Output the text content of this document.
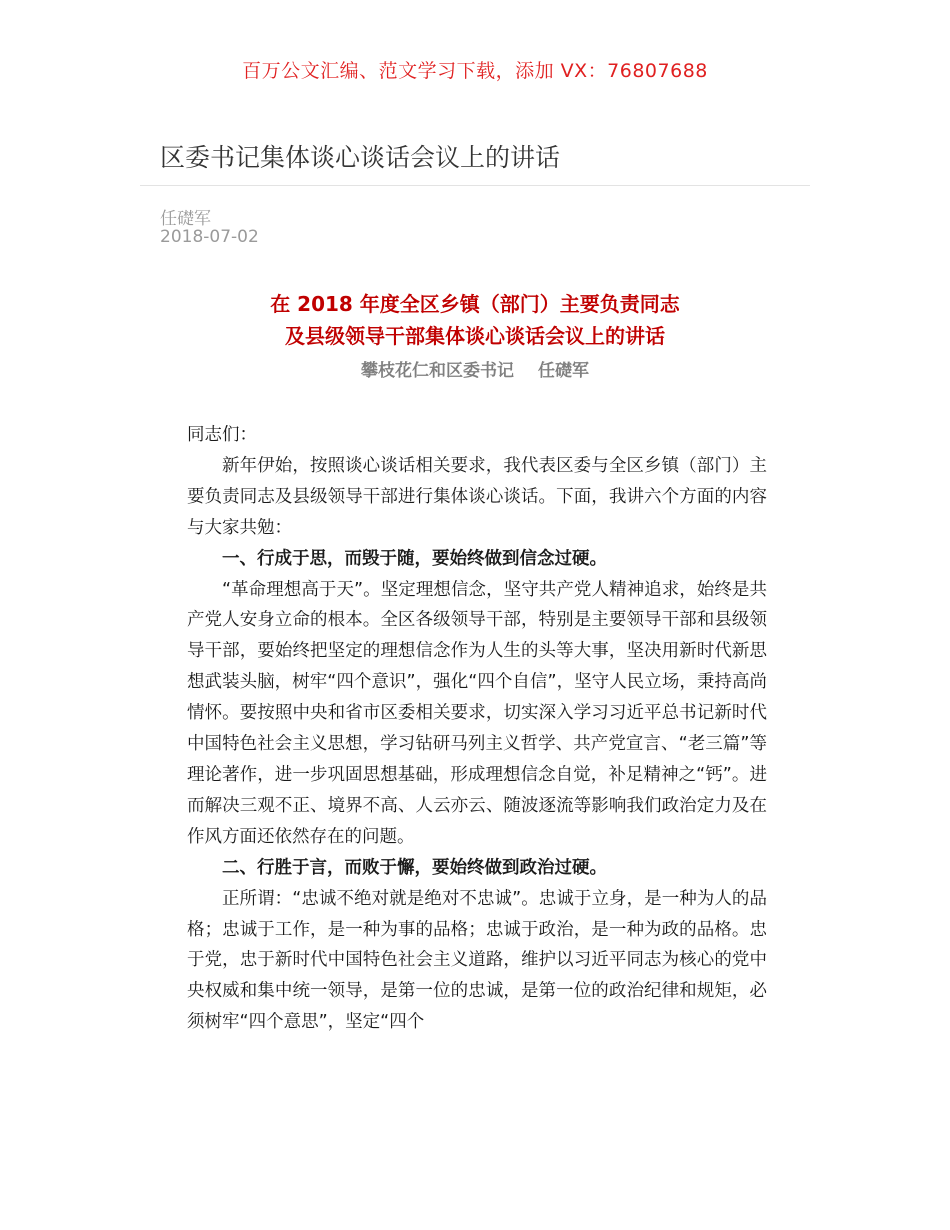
百万公文汇编、范文学习下载，添加 VX：76807688
区委书记集体谈心谈话会议上的讲话
任礎军
2018-07-02
在 2018 年度全区乡镇（部门）主要负责同志
及县级领导干部集体谈心谈话会议上的讲话
攀枝花仁和区委书记 任礎军

同志们：

新年伊始，按照谈心谈话相关要求，我代表区委与全区乡镇（部门）主要负责同志及县级领导干部进行集体谈心谈话。下面，我讲六个方面的内容与大家共勉：

一、行成于思，而毁于随，要始终做到信念过硬。

“革命理想高于天”。坚定理想信念，坚守共产党人精神追求，始终是共产党人安身立命的根本。全区各级领导干部，特别是主要领导干部和县级领导干部，要始终把坚定的理想信念作为人生的头等大事，坚决用新时代新思想武装头脑，树牢“四个意识”，强化“四个自信”，坚守人民立场，秉持高尚情怀。要按照中央和省市区委相关要求，切实深入学习习近平总书记新时代中国特色社会主义思想，学习钻研马列主义哲学、共产党宣言、“老三篇”等理论著作，进一步巩固思想基础，形成理想信念自觉，补足精神之“钙”。进而解决三观不正、境界不高、人云亦云、随波逐流等影响我们政治定力及在作风方面还依然存在的问题。

二、行胜于言，而败于懈，要始终做到政治过硬。

正所谓：“忠诚不绝对就是绝对不忠诚”。忠诚于立身，是一种为人的品格；忠诚于工作，是一种为事的品格；忠诚于政治，是一种为政的品格。忠于党，忠于新时代中国特色社会主义道路，维护以习近平同志为核心的党中央权威和集中统一领导，是第一位的忠诚，是第一位的政治纪律和规矩，必须树牢“四个意思”，坚定“四个
